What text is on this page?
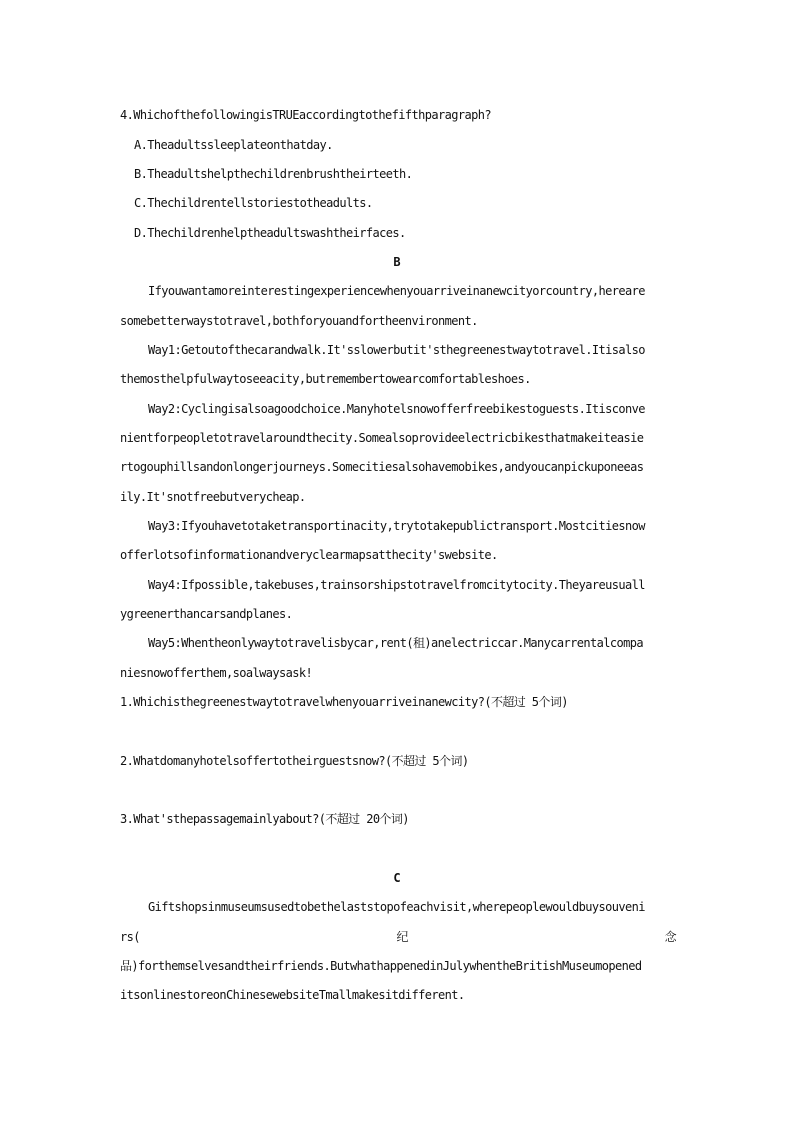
4.WhichofthefollowingisTRUEaccordingtothefifthparagraph?
A.Theadultssleeplateonthatday.
B.Theadultshelpthechildrenbrushtheirteeth.
C.Thechildrentellstoriestotheadults.
D.Thechildrenhelptheadultswashtheirfaces.
B
Ifyouwantamoreinterestingexperiencewhenyouarriveinanewcityorcountry,hereare
somebetterwaystotravel,bothforyouandfortheenvironment.
Way1:Getoutofthecarandwalk.It'sslowerbutit'sthegreenestwaytotravel.Itisalso
themosthelpfulwaytoseeacity,butremembertowearcomfortableshoes.
Way2:Cyclingisalsoagoodchoice.Manyhotelsnowofferfreebikestoguests.Itisconve
nientforpeopletotravelaroundthecity.Somealsoprovideelectricbikesthatmakeiteasie
rtogouphillsandonlongerjourneys.Somecitiesalsohavemobikes,andyoucanpickuponeeas
ily.It'snotfreebutverycheap.
Way3:Ifyouhavetotaketransportinacity,trytotakepublictransport.Mostcitiesnow
offerlotsofinformationandveryclearmapsatthecity'swebsite.
Way4:Ifpossible,takebuses,trainsorshipstotravelfromcitytocity.Theyareusuall
ygreenerthancarsandplanes.
Way5:Whentheonlywaytotravelisbycar,rent(租)anelectriccar.Manycarrentalcompa
niesnowofferthem,soalwaysask!
1.Whichisthegreenestwaytotravelwhenyouarriveinanewcity?(不超过 5个词)
2.Whatdomanyhotelsoffertotheirguestsnow?(不超过 5个词)
3.What'sthepassagemainlyabout?(不超过 20个词)
C
Giftshopsinmuseumsusedtobethelaststopofeachvisit,wherepeoplewouldbuysouveni
rs(	纪	念
品)forthemselvesandtheirfriends.ButwhathappenedinJulywhentheBritishMuseumopened
itsonlinestoreonChinesewebsiteTmallmakesitdifferent.
